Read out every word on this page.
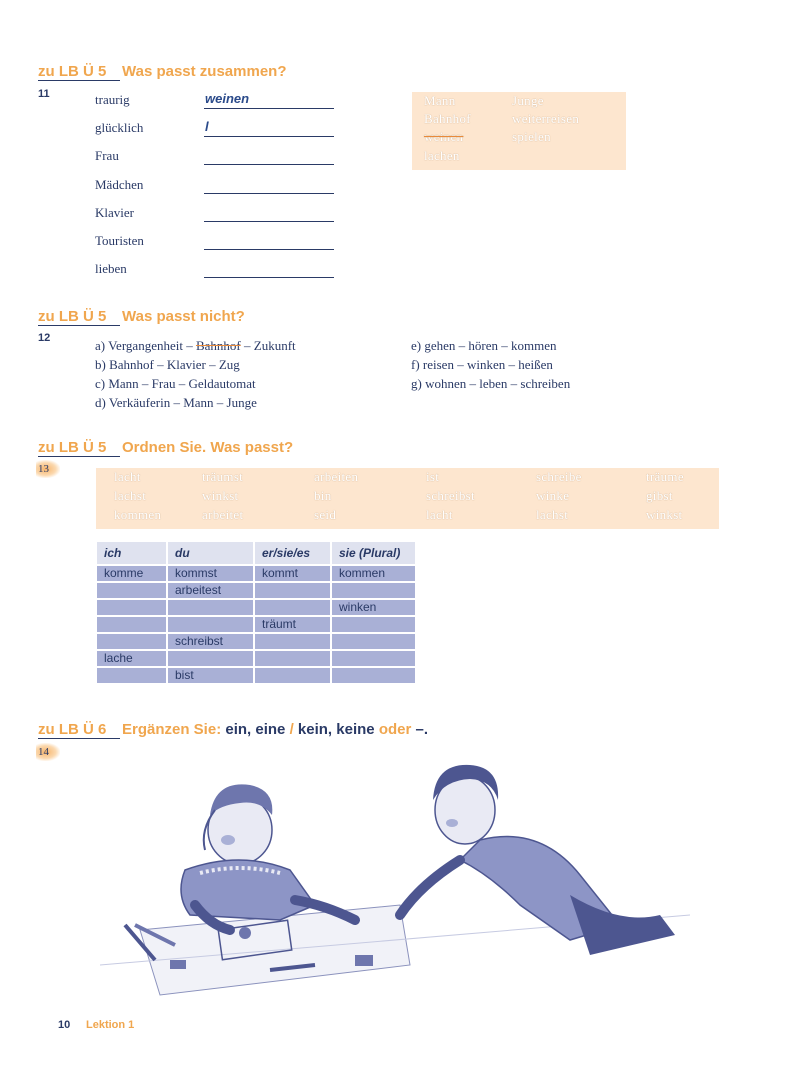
zu LB Ü 5 Was passt zusammen?
11	traurig	weinen
glücklich	l
Frau
Mädchen
Klavier
Touristen
lieben
Mann	Junge
Bahnhof	weiterreisen
weinen	spielen
lachen
zu LB Ü 5 Was passt nicht?
12	a) Vergangenheit – Bahnhof – Zukunft
b) Bahnhof – Klavier – Zug
c) Mann – Frau – Geldautomat
d) Verkäuferin – Mann – Junge
e) gehen – hören – kommen
f) reisen – winken – heißen
g) wohnen – leben – schreiben
zu LB Ü 5 Ordnen Sie. Was passt?
13	lacht	träumst	arbeiten	ist	schreibe	träume
lachst	winkst	bin	schreibst	winke	gibst
kommen	arbeitet	seid	lacht	lachst	winkst
ich	du	er/sie/es	sie (Plural)
komme	kommst	kommt	kommen
	arbeitest		
			winken
		träumt	
	schreibst		
lache			
	bist		
zu LB Ü 6 Ergänzen Sie: ein, eine / kein, keine oder –.
14
10 Lektion 1
